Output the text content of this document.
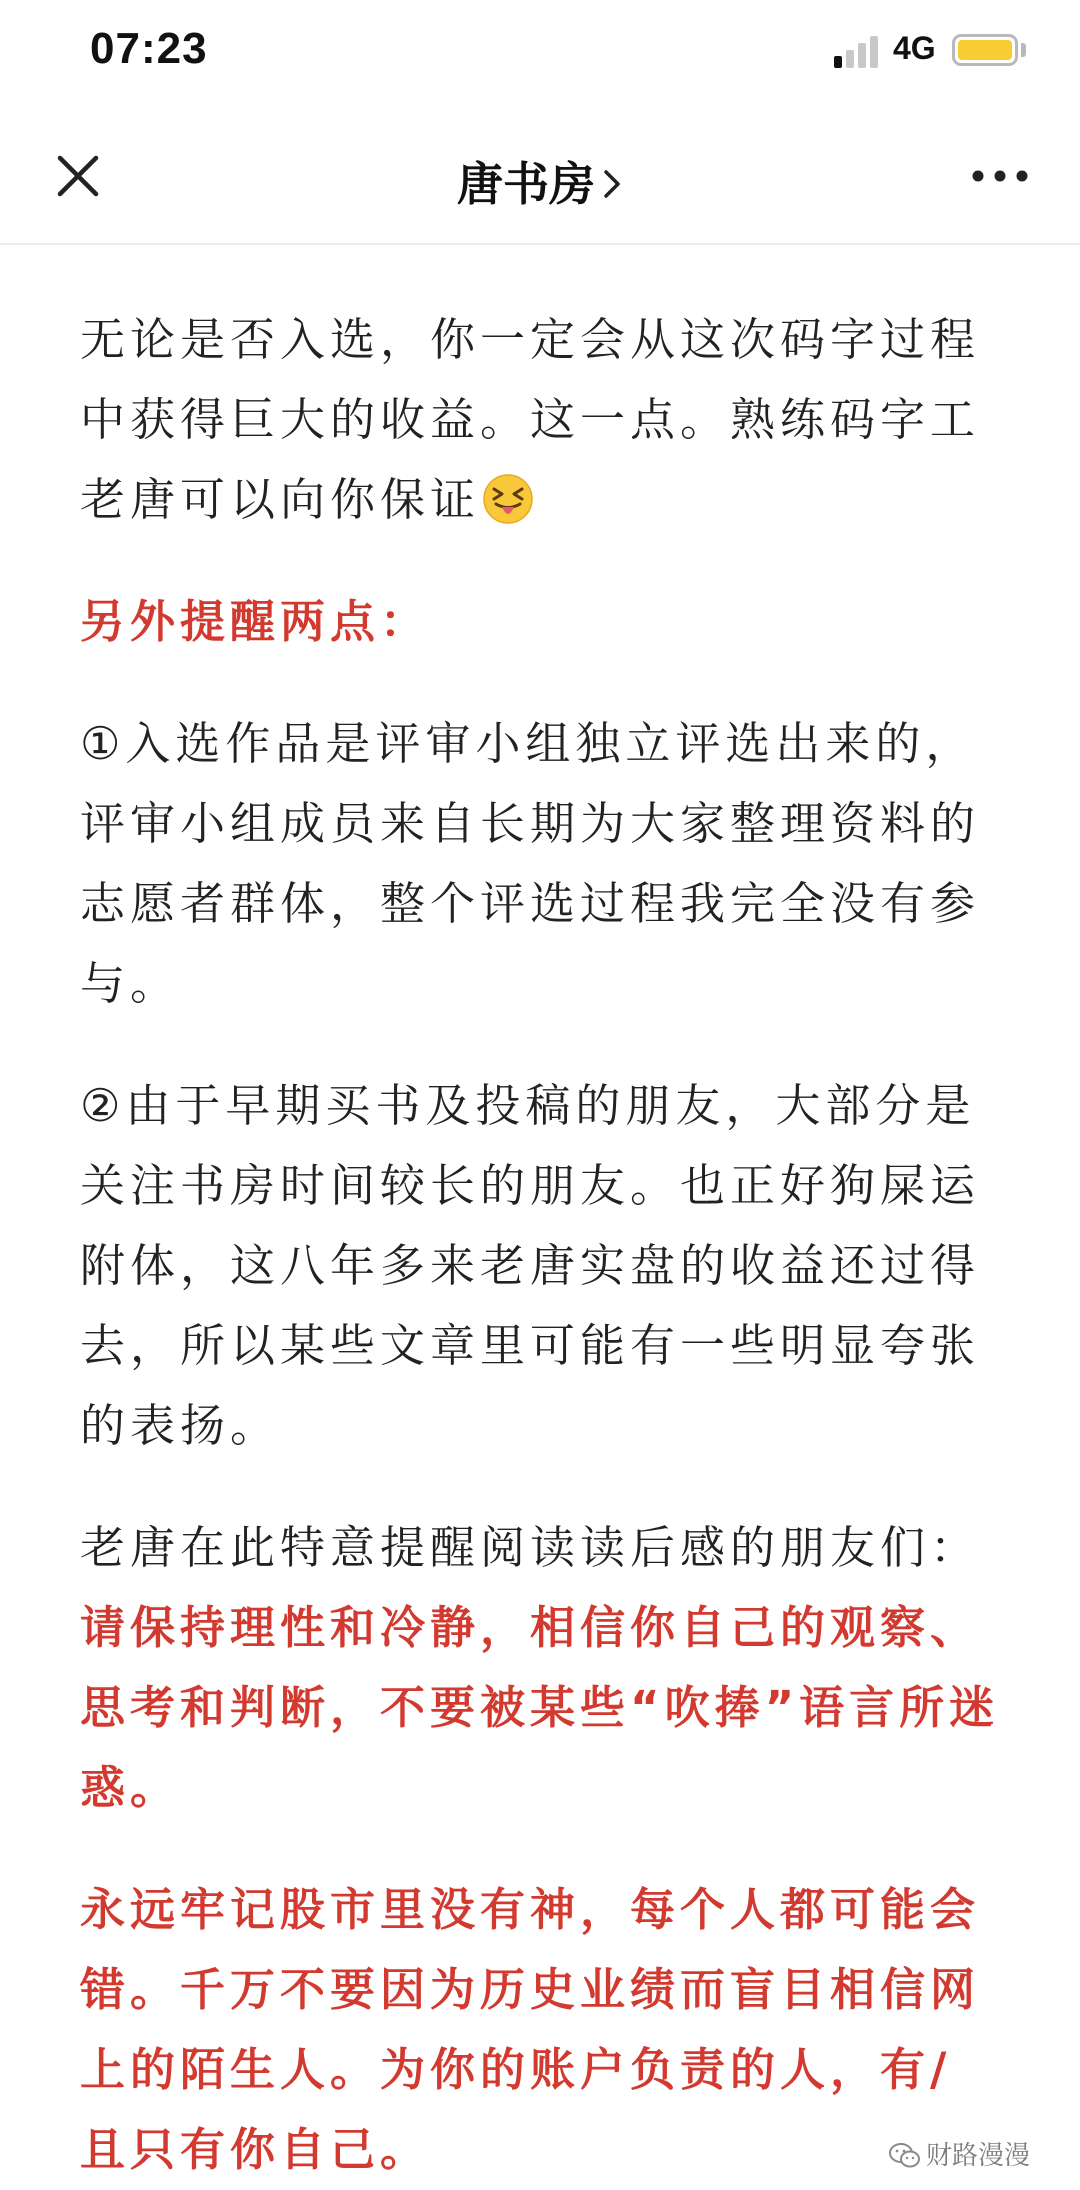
07:23	4G
唐书房

无论是否入选，你一定会从这次码字过程中获得巨大的收益。这一点。熟练码字工老唐可以向你保证

另外提醒两点：

①入选作品是评审小组独立评选出来的，评审小组成员来自长期为大家整理资料的志愿者群体，整个评选过程我完全没有参与。

②由于早期买书及投稿的朋友，大部分是关注书房时间较长的朋友。也正好狗屎运附体，这八年多来老唐实盘的收益还过得去，所以某些文章里可能有一些明显夸张的表扬。

老唐在此特意提醒阅读读后感的朋友们：请保持理性和冷静，相信你自己的观察、思考和判断，不要被某些“吹捧”语言所迷惑。

永远牢记股市里没有神，每个人都可能会错。千万不要因为历史业绩而盲目相信网上的陌生人。为你的账户负责的人，有/且只有你自己。	财路漫漫
